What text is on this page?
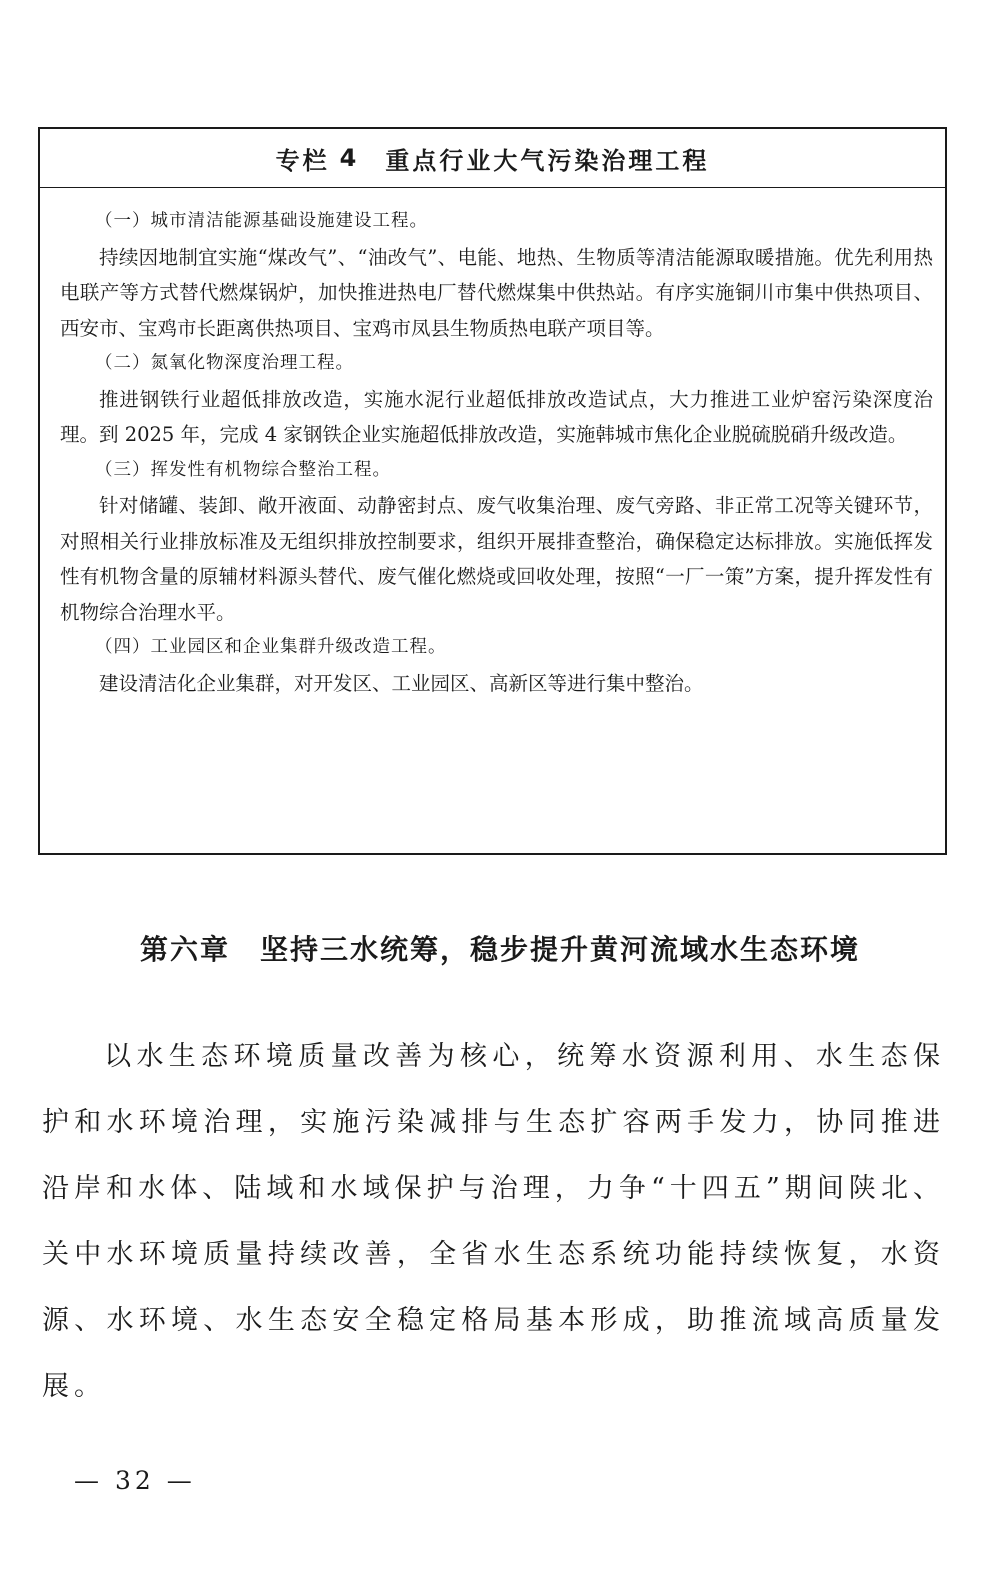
专栏 4 重点行业大气污染治理工程

（一）城市清洁能源基础设施建设工程。

持续因地制宜实施“煤改气”、“油改气”、电能、地热、生物质等清洁能源取暖措施。优先利用热电联产等方式替代燃煤锅炉，加快推进热电厂替代燃煤集中供热站。有序实施铜川市集中供热项目、西安市、宝鸡市长距离供热项目、宝鸡市凤县生物质热电联产项目等。

（二）氮氧化物深度治理工程。

推进钢铁行业超低排放改造，实施水泥行业超低排放改造试点，大力推进工业炉窑污染深度治理。到 2025 年，完成 4 家钢铁企业实施超低排放改造，实施韩城市焦化企业脱硫脱硝升级改造。

（三）挥发性有机物综合整治工程。

针对储罐、装卸、敞开液面、动静密封点、废气收集治理、废气旁路、非正常工况等关键环节，对照相关行业排放标准及无组织排放控制要求，组织开展排查整治，确保稳定达标排放。实施低挥发性有机物含量的原辅材料源头替代、废气催化燃烧或回收处理，按照“一厂一策”方案，提升挥发性有机物综合治理水平。

（四）工业园区和企业集群升级改造工程。

建设清洁化企业集群，对开发区、工业园区、高新区等进行集中整治。

第六章 坚持三水统筹，稳步提升黄河流域水生态环境

以水生态环境质量改善为核心，统筹水资源利用、水生态保护和水环境治理，实施污染减排与生态扩容两手发力，协同推进沿岸和水体、陆域和水域保护与治理，力争“十四五”期间陕北、关中水环境质量持续改善，全省水生态系统功能持续恢复，水资源、水环境、水生态安全稳定格局基本形成，助推流域高质量发展。

— 32 —
